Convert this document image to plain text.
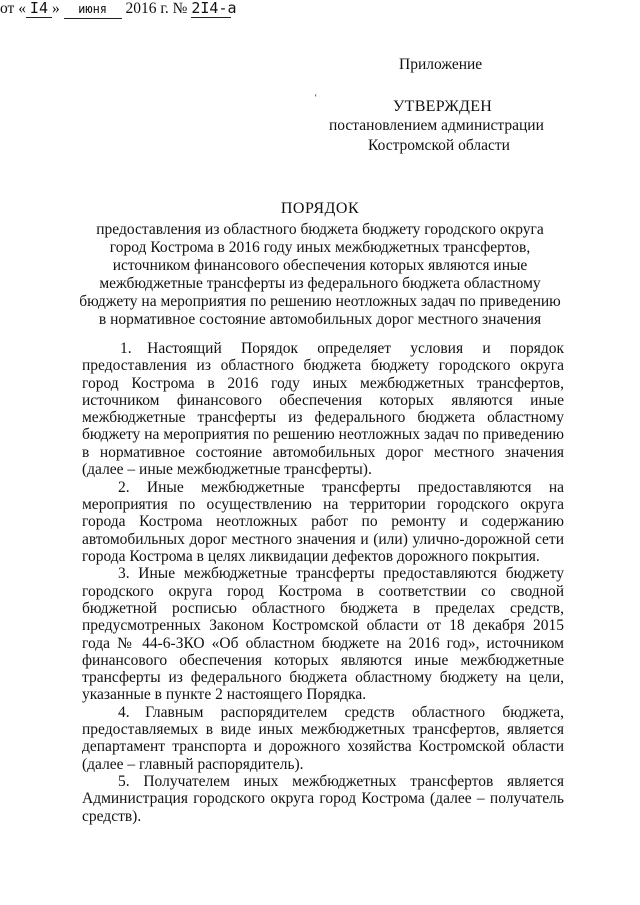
Приложение
ʻ	УТВЕРЖДЕН
постановлением администрации
Костромской области
от « I4 » июня 2016 г. № 2I4-а
ПОРЯДОК
предоставления из областного бюджета бюджету городского округа город Кострома в 2016 году иных межбюджетных трансфертов, источником финансового обеспечения которых являются иные межбюджетные трансферты из федерального бюджета областному бюджету на мероприятия по решению неотложных задач по приведению в нормативное состояние автомобильных дорог местного значения

1. Настоящий Порядок определяет условия и порядок предоставления из областного бюджета бюджету городского округа город Кострома в 2016 году иных межбюджетных трансфертов, источником финансового обеспечения которых являются иные межбюджетные трансферты из федерального бюджета областному бюджету на мероприятия по решению неотложных задач по приведению в нормативное состояние автомобильных дорог местного значения (далее – иные межбюджетные трансферты).

2. Иные межбюджетные трансферты предоставляются на мероприятия по осуществлению на территории городского округа города Кострома неотложных работ по ремонту и содержанию автомобильных дорог местного значения и (или) улично-дорожной сети города Кострома в целях ликвидации дефектов дорожного покрытия.

3. Иные межбюджетные трансферты предоставляются бюджету городского округа город Кострома в соответствии со сводной бюджетной росписью областного бюджета в пределах средств, предусмотренных Законом Костромской области от 18 декабря 2015 года № 44-6-ЗКО «Об областном бюджете на 2016 год», источником финансового обеспечения которых являются иные межбюджетные трансферты из федерального бюджета областному бюджету на цели, указанные в пункте 2 настоящего Порядка.

4. Главным распорядителем средств областного бюджета, предоставляемых в виде иных межбюджетных трансфертов, является департамент транспорта и дорожного хозяйства Костромской области (далее – главный распорядитель).

5. Получателем иных межбюджетных трансфертов является Администрация городского округа город Кострома (далее – получатель средств).
